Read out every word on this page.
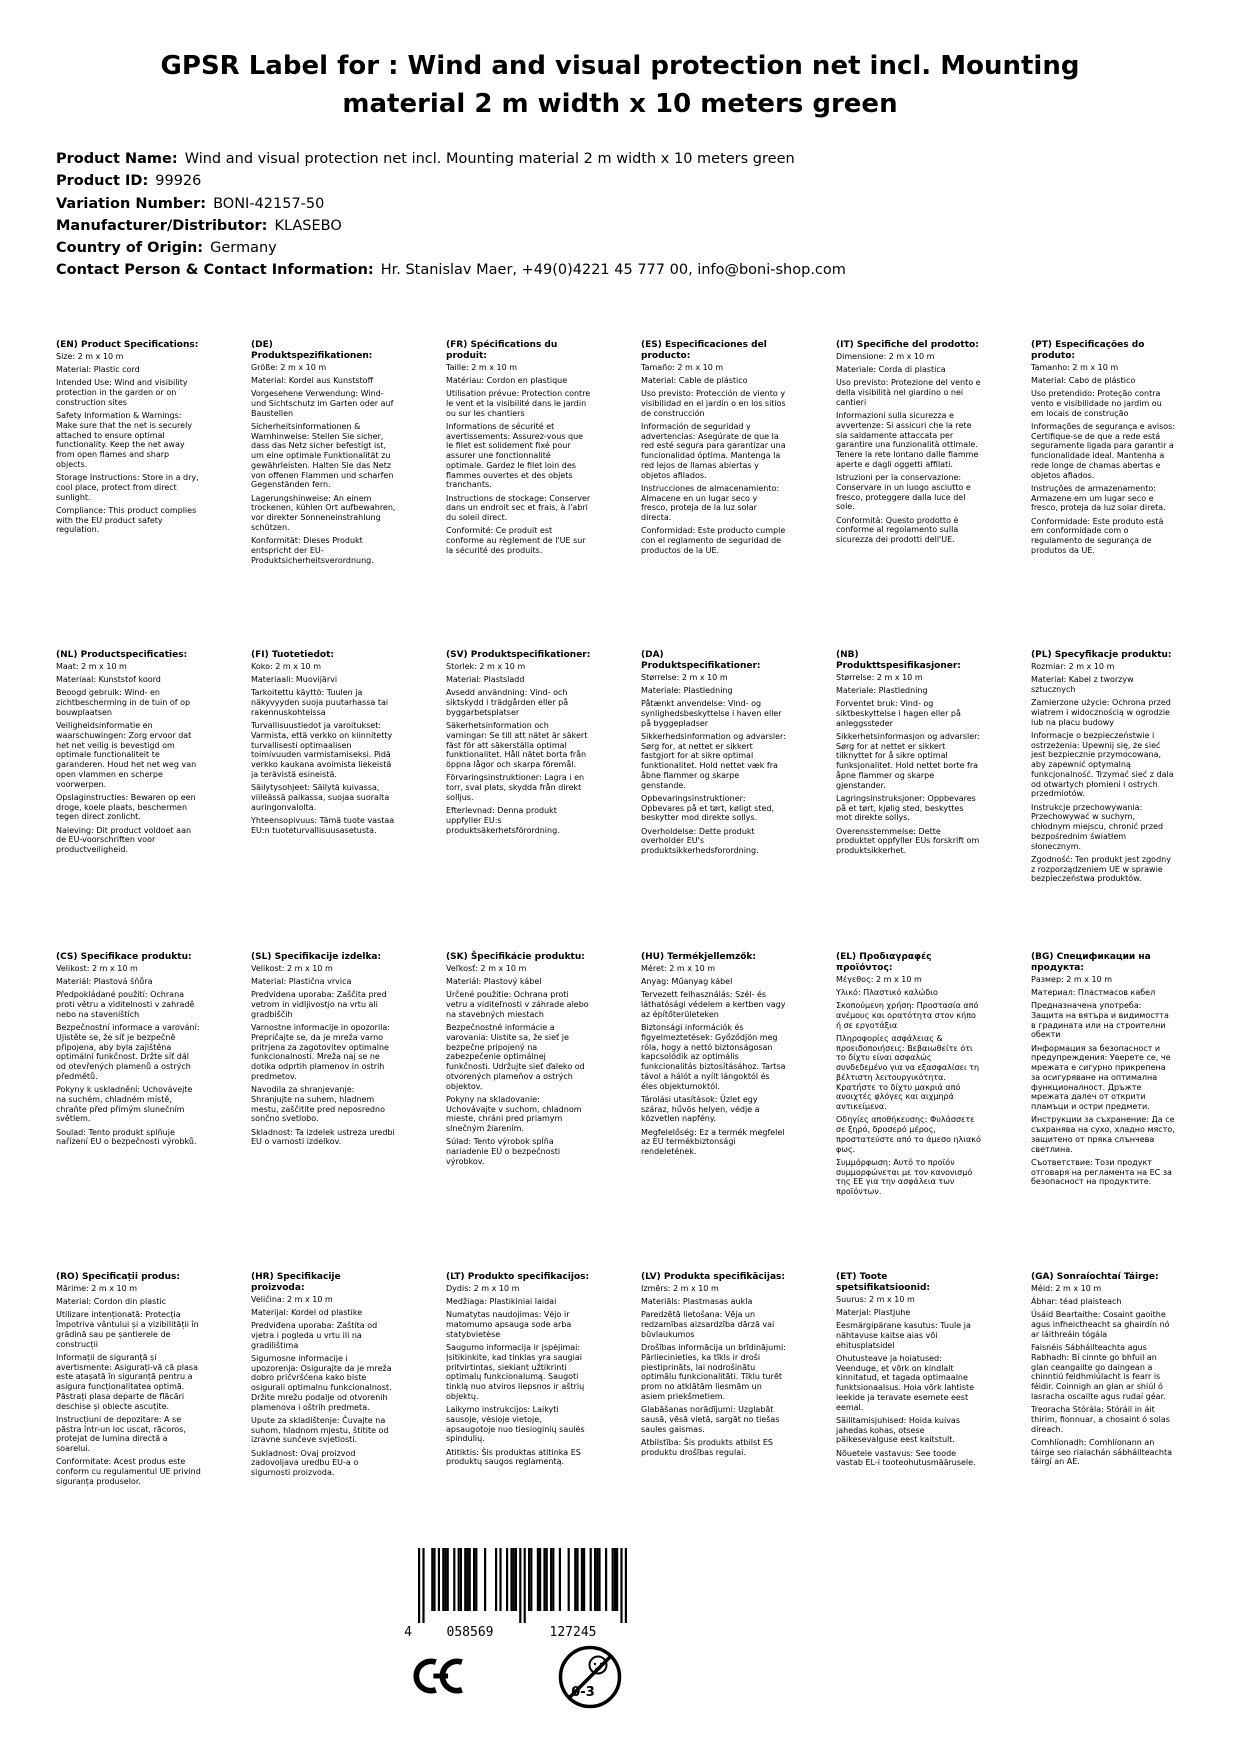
GPSR Label for : Wind and visual protection net incl. Mounting material 2 m width x 10 meters green
Product Name: Wind and visual protection net incl. Mounting material 2 m width x 10 meters green
Product ID: 99926
Variation Number: BONI-42157-50
Manufacturer/Distributor: KLASEBO
Country of Origin: Germany
Contact Person & Contact Information: Hr. Stanislav Maer, +49(0)4221 45 777 00, info@boni-shop.com
(EN) Product Specifications:

Size: 2 m x 10 m

Material: Plastic cord

Intended Use: Wind and visibility protection in the garden or on construction sites

Safety Information & Warnings: Make sure that the net is securely attached to ensure optimal functionality. Keep the net away from open flames and sharp objects.

Storage Instructions: Store in a dry, cool place, protect from direct sunlight.

Compliance: This product complies with the EU product safety regulation.

(DE) Produktspezifikationen:

Größe: 2 m x 10 m

Material: Kordel aus Kunststoff

Vorgesehene Verwendung: Wind- und Sichtschutz im Garten oder auf Baustellen

Sicherheitsinformationen & Warnhinweise: Stellen Sie sicher, dass das Netz sicher befestigt ist, um eine optimale Funktionalität zu gewährleisten. Halten Sie das Netz von offenen Flammen und scharfen Gegenständen fern.

Lagerungshinweise: An einem trockenen, kühlen Ort aufbewahren, vor direkter Sonneneinstrahlung schützen.

Konformität: Dieses Produkt entspricht der EU-Produktsicherheitsverordnung.

(FR) Spécifications du produit:

Taille: 2 m x 10 m

Matériau: Cordon en plastique

Utilisation prévue: Protection contre le vent et la visibilité dans le jardin ou sur les chantiers

Informations de sécurité et avertissements: Assurez-vous que le filet est solidement fixé pour assurer une fonctionnalité optimale. Gardez le filet loin des flammes ouvertes et des objets tranchants.

Instructions de stockage: Conserver dans un endroit sec et frais, à l'abri du soleil direct.

Conformité: Ce produit est conforme au règlement de l'UE sur la sécurité des produits.

(ES) Especificaciones del producto:

Tamaño: 2 m x 10 m

Material: Cable de plástico

Uso previsto: Protección de viento y visibilidad en el jardín o en los sitios de construcción

Información de seguridad y advertencias: Asegúrate de que la red esté segura para garantizar una funcionalidad óptima. Mantenga la red lejos de llamas abiertas y objetos afilados.

Instrucciones de almacenamiento: Almacene en un lugar seco y fresco, proteja de la luz solar directa.

Conformidad: Este producto cumple con el reglamento de seguridad de productos de la UE.

(IT) Specifiche del prodotto:

Dimensione: 2 m x 10 m

Materiale: Corda di plastica

Uso previsto: Protezione del vento e della visibilità nel giardino o nei cantieri

Informazioni sulla sicurezza e avvertenze: Si assicuri che la rete sia saldamente attaccata per garantire una funzionalità ottimale. Tenere la rete lontano dalle fiamme aperte e dagli oggetti affilati.

Istruzioni per la conservazione: Conservare in un luogo asciutto e fresco, proteggere dalla luce del sole.

Conformità: Questo prodotto è conforme al regolamento sulla sicurezza dei prodotti dell'UE.

(PT) Especificações do produto:

Tamanho: 2 m x 10 m

Material: Cabo de plástico

Uso pretendido: Proteção contra vento e visibilidade no jardim ou em locais de construção

Informações de segurança e avisos: Certifique-se de que a rede está seguramente ligada para garantir a funcionalidade ideal. Mantenha a rede longe de chamas abertas e objetos afiados.

Instruções de armazenamento: Armazene em um lugar seco e fresco, proteja da luz solar direta.

Conformidade: Este produto está em conformidade com o regulamento de segurança de produtos da UE.

(NL) Productspecificaties:

Maat: 2 m x 10 m

Materiaal: Kunststof koord

Beoogd gebruik: Wind- en zichtbescherming in de tuin of op bouwplaatsen

Veiligheidsinformatie en waarschuwingen: Zorg ervoor dat het net veilig is bevestigd om optimale functionaliteit te garanderen. Houd het net weg van open vlammen en scherpe voorwerpen.

Opslaginstructies: Bewaren op een droge, koele plaats, beschermen tegen direct zonlicht.

Naleving: Dit product voldoet aan de EU-voorschriften voor productveiligheid.

(FI) Tuotetiedot:

Koko: 2 m x 10 m

Materiaali: Muovijärvi

Tarkoitettu käyttö: Tuulen ja näkyvyyden suoja puutarhassa tai rakennuskohteissa

Turvallisuustiedot ja varoitukset: Varmista, että verkko on kiinnitetty turvallisesti optimaalisen toimivuuden varmistamiseksi. Pidä verkko kaukana avoimista liekeistä ja terävistä esineistä.

Säilytysohjeet: Säilytä kuivassa, viileässä paikassa, suojaa suoralta auringonvalolta.

Yhteensopivuus: Tämä tuote vastaa EU:n tuoteturvallisuusasetusta.

(SV) Produktspecifikationer:

Storlek: 2 m x 10 m

Material: Plastsladd

Avsedd användning: Vind- och siktskydd i trädgården eller på byggarbetsplatser

Säkerhetsinformation och varningar: Se till att nätet är säkert fäst för att säkerställa optimal funktionalitet. Håll nätet borta från öppna lågor och skarpa föremål.

Förvaringsinstruktioner: Lagra i en torr, sval plats, skydda från direkt solljus.

Efterlevnad: Denna produkt uppfyller EU:s produktsäkerhetsförordning.

(DA) Produktspecifikationer:

Størrelse: 2 m x 10 m

Materiale: Plastledning

Påtænkt anvendelse: Vind- og synlighedsbeskyttelse i haven eller på byggepladser

Sikkerhedsinformation og advarsler: Sørg for, at nettet er sikkert fastgjort for at sikre optimal funktionalitet. Hold nettet væk fra åbne flammer og skarpe genstande.

Opbevaringsinstruktioner: Opbevares på et tørt, køligt sted, beskytter mod direkte sollys.

Overholdelse: Dette produkt overholder EU's produktsikkerhedsforordning.

(NB) Produkttspesifikasjoner:

Størrelse: 2 m x 10 m

Materiale: Plastledning

Forventet bruk: Vind- og siktbeskyttelse i hagen eller på anleggssteder

Sikkerhetsinformasjon og advarsler: Sørg for at nettet er sikkert tilknyttet for å sikre optimal funksjonalitet. Hold nettet borte fra åpne flammer og skarpe gjenstander.

Lagringsinstruksjoner: Oppbevares på et tørt, kjølig sted, beskyttes mot direkte sollys.

Overensstemmelse: Dette produktet oppfyller EUs forskrift om produktsikkerhet.

(PL) Specyfikacje produktu:

Rozmiar: 2 m x 10 m

Materiał: Kabel z tworzyw sztucznych

Zamierzone użycie: Ochrona przed wiatrem i widocznością w ogrodzie lub na placu budowy

Informacje o bezpieczeństwie i ostrzeżenia: Upewnij się, że sieć jest bezpiecznie przymocowana, aby zapewnić optymalną funkcjonalność. Trzymać sieć z dala od otwartych płomieni i ostrych przedmiotów.

Instrukcje przechowywania: Przechowywać w suchym, chłodnym miejscu, chronić przed bezpośrednim światłem słonecznym.

Zgodność: Ten produkt jest zgodny z rozporządzeniem UE w sprawie bezpieczeństwa produktów.

(CS) Specifikace produktu:

Velikost: 2 m x 10 m

Materiál: Plastová šňůra

Předpokládané použití: Ochrana proti větru a viditelnosti v zahradě nebo na staveništích

Bezpečnostní informace a varování: Ujistěte se, že síť je bezpečně připojena, aby byla zajištěna optimální funkčnost. Držte síť dál od otevřených plamenů a ostrých předmětů.

Pokyny k uskladnění: Uchovávejte na suchém, chladném místě, chraňte před přímým slunečním světlem.

Soulad: Tento produkt splňuje nařízení EU o bezpečnosti výrobků.

(SL) Specifikacije izdelka:

Velikost: 2 m x 10 m

Material: Plastična vrvica

Predvidena uporaba: Zaščita pred vetrom in vidljivostjo na vrtu ali gradbiščih

Varnostne informacije in opozorila: Prepričajte se, da je mreža varno pritrjena za zagotovitev optimalne funkcionalnosti. Mreža naj se ne dotika odprtih plamenov in ostrih predmetov.

Navodila za shranjevanje: Shranjujte na suhem, hladnem mestu, zaščitite pred neposredno sončno svetlobo.

Skladnost: Ta izdelek ustreza uredbi EU o varnosti izdelkov.

(SK) Špecifikácie produktu:

Veľkosť: 2 m x 10 m

Materiál: Plastový kábel

Určené použitie: Ochrana proti vetru a viditeľnosti v záhrade alebo na stavebných miestach

Bezpečnostné informácie a varovania: Uistite sa, že sieť je bezpečne pripojený na zabezpečenie optimálnej funkčnosti. Udržujte sieť ďaleko od otvorených plameňov a ostrých objektov.

Pokyny na skladovanie: Uchovávajte v suchom, chladnom mieste, chráni pred priamym slnečným žiarením.

Súlad: Tento výrobok spĺňa nariadenie EÚ o bezpečnosti výrobkov.

(HU) Termékjellemzők:

Méret: 2 m x 10 m

Anyag: Műanyag kábel

Tervezett felhasználás: Szél- és láthatósági védelem a kertben vagy az építőterületeken

Biztonsági információk és figyelmeztetések: Győződjön meg róla, hogy a nettó biztonságosan kapcsolódik az optimális funkcionalitás biztosításához. Tartsa távol a hálót a nyílt lángoktól és éles objektumoktól.

Tárolási utasítások: Üzlet egy száraz, hűvös helyen, védje a közvetlen napfény.

Megfelelőség: Ez a termék megfelel az EU termékbiztonsági rendeletének.

(EL) Προδιαγραφές προϊόντος:

Μέγεθος: 2 m x 10 m

Υλικό: Πλαστικό καλώδιο

Σκοπούμενη χρήση: Προστασία από ανέμους και ορατότητα στον κήπο ή σε εργοτάξια

Πληροφορίες ασφάλειας & προειδοποιήσεις: Βεβαιωθείτε ότι το δίχτυ είναι ασφαλώς συνδεδεμένο για να εξασφαλίσει τη βέλτιστη λειτουργικότητα. Κρατήστε το δίχτυ μακριά από ανοιχτές φλόγες και αιχμηρά αντικείμενα.

Οδηγίες αποθήκευσης: Φυλάσσετε σε ξηρό, δροσερό μέρος, προστατεύστε από το άμεσο ηλιακό φως.

Συμμόρφωση: Αυτό το προϊόν συμμορφώνεται με τον κανονισμό της ΕΕ για την ασφάλεια των προϊόντων.

(BG) Спецификации на продукта:

Размер: 2 m x 10 m

Материал: Пластмасов кабел

Предназначена употреба: Защита на вятъра и видимостта в градината или на строителни обекти

Информация за безопасност и предупреждения: Уверете се, че мрежата е сигурно прикрепена за осигуряване на оптимална функционалност. Дръжте мрежата далеч от открити пламъци и остри предмети.

Инструкции за съхранение: Да се съхранява на сухо, хладно място, защитено от пряка слънчева светлина.

Съответствие: Този продукт отговаря на регламента на ЕС за безопасност на продуктите.

(RO) Specificații produs:

Mărime: 2 m x 10 m

Material: Cordon din plastic

Utilizare intenționată: Protecția împotriva vântului și a vizibilității în grădină sau pe șantierele de construcții

Informații de siguranță și avertismente: Asigurați-vă că plasa este atașată în siguranță pentru a asigura funcționalitatea optimă. Păstrați plasa departe de flăcări deschise și obiecte ascuțite.

Instrucțiuni de depozitare: A se păstra într-un loc uscat, răcoros, protejat de lumina directă a soarelui.

Conformitate: Acest produs este conform cu regulamentul UE privind siguranța produselor.

(HR) Specifikacije proizvoda:

Veličina: 2 m x 10 m

Materijal: Kordel od plastike

Predviđena uporaba: Zaštita od vjetra i pogleda u vrtu ili na gradilištima

Sigurnosne informacije i upozorenja: Osigurajte da je mreža dobro pričvršćena kako biste osigurali optimalnu funkcionalnost. Držite mrežu podalje od otvorenih plamenova i oštrih predmeta.

Upute za skladištenje: Čuvajte na suhom, hladnom mjestu, štitite od izravne sunčeve svjetlosti.

Sukladnost: Ovaj proizvod zadovoljava uredbu EU-a o sigurnosti proizvoda.

(LT) Produkto specifikacijos:

Dydis: 2 m x 10 m

Medžiaga: Plastikiniai laidai

Numatytas naudojimas: Vėjo ir matomumo apsauga sode arba statybvietėse

Saugumo informacija ir įspėjimai: Įsitikinkite, kad tinklas yra saugiai pritvirtintas, siekiant užtikrinti optimalų funkcionalumą. Saugoti tinklą nuo atviros liepsnos ir aštrių objektų.

Laikymo instrukcijos: Laikyti sausoje, vėsioje vietoje, apsaugotoje nuo tiesioginių saulės spindulių.

Atitiktis: Šis produktas atitinka ES produktų saugos reglamentą.

(LV) Produkta specifikācijas:

Izmērs: 2 m x 10 m

Materiāls: Plastmasas aukla

Paredzētā lietošana: Vēja un redzamības aizsardzība dārzā vai būvlaukumos

Drošības informācija un brīdinājumi: Pārliecinieties, ka tīkls ir droši piestiprināts, lai nodrošinātu optimālu funkcionalitāti. Tīklu turēt prom no atklātām liesmām un asiem priekšmetiem.

Glabāšanas norādījumi: Uzglabāt sausā, vēsā vietā, sargāt no tiešas saules gaismas.

Atbilstība: Šis produkts atbilst ES produktu drošības regulai.

(ET) Toote spetsifikatsioonid:

Suurus: 2 m x 10 m

Materjal: Plastjuhe

Eesmärgipärane kasutus: Tuule ja nähtavuse kaitse aias või ehitusplatsidel

Ohutusteave ja hoiatused: Veenduge, et võrk on kindlalt kinnitatud, et tagada optimaalne funktsionaalsus. Hoia võrk lahtiste leekide ja teravate esemete eest eemal.

Säilitamisjuhised: Hoida kuivas jahedas kohas, otsese päikesevalguse eest kaitstult.

Nõuetele vastavus: See toode vastab EL-i tooteohutusmäärusele.

(GA) Sonraíochtaí Táirge:

Méid: 2 m x 10 m

Ábhar: téad plaisteach

Úsáid Beartaithe: Cosaint gaoithe agus infheictheacht sa ghairdín nó ar láithreáin tógála

Faisnéis Sábháilteachta agus Rabhadh: Bí cinnte go bhfuil an glan ceangailte go daingean a chinntiú feidhmiúlacht is fearr is féidir. Coinnigh an glan ar shiúl ó lasracha oscailte agus rudaí géar.

Treoracha Stórála: Stóráil in áit thirim, fionnuar, a chosaint ó solas díreach.

Comhlíonadh: Comhlíonann an táirge seo rialachán sábháilteachta táirgí an AE.

4	058569	127245
0-3
